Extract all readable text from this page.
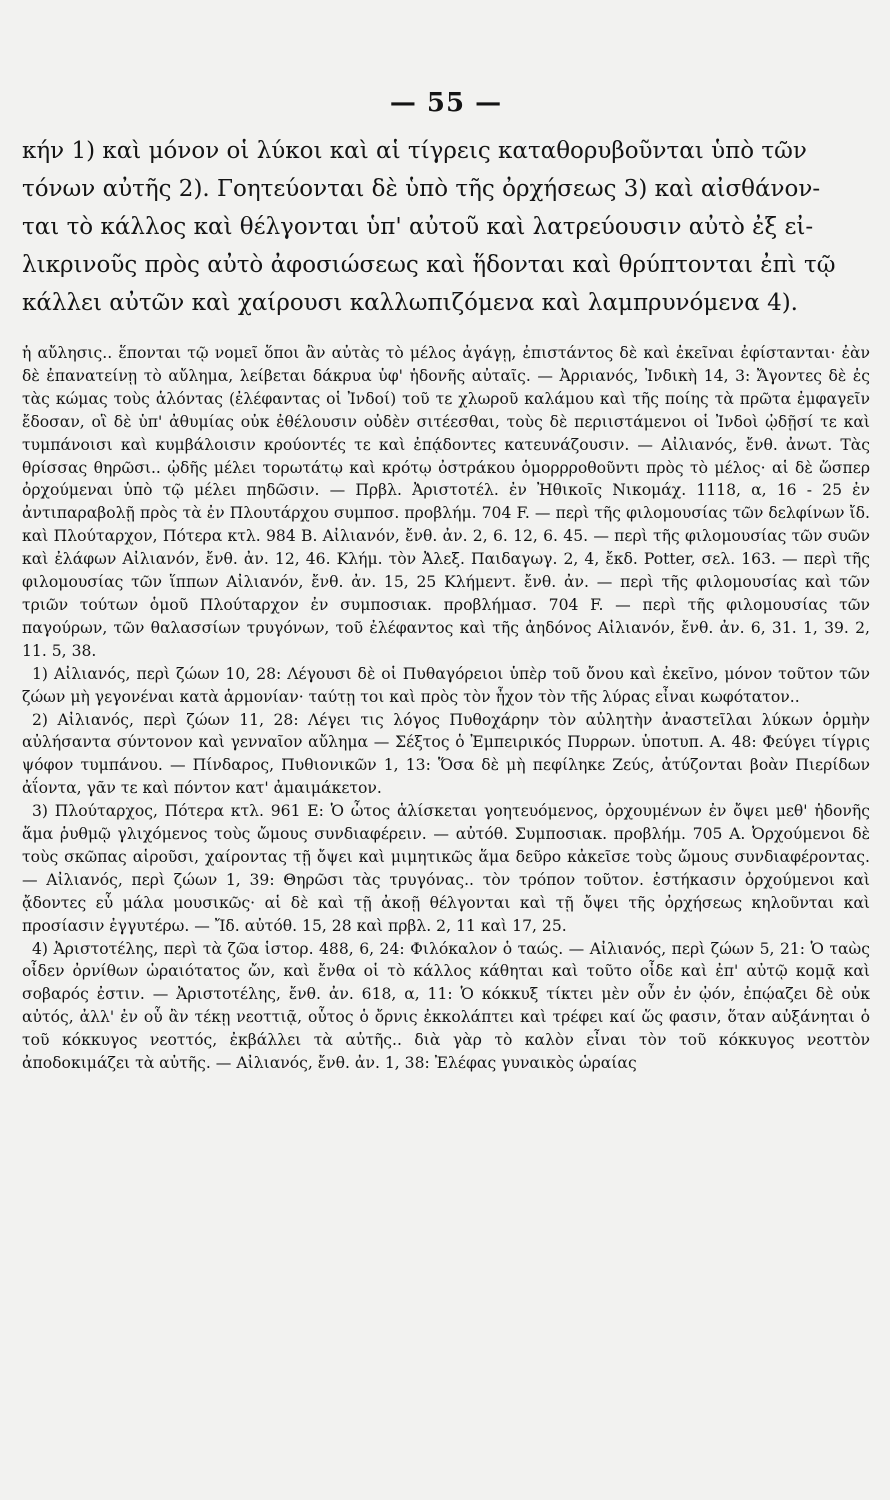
— 55 —

κήν 1) καὶ μόνον οἱ λύκοι καὶ αἱ τίγρεις καταθορυβοῦνται ὑπὸ τῶν

τόνων αὐτῆς 2). Γοητεύονται δὲ ὑπὸ τῆς ὀρχήσεως 3) καὶ αἰσθάνον-

ται τὸ κάλλος καὶ θέλγονται ὑπ' αὐτοῦ καὶ λατρεύουσιν αὐτὸ ἐξ εἰ-

λικρινοῦς πρὸς αὐτὸ ἀφοσιώσεως καὶ ἥδονται καὶ θρύπτονται ἐπὶ τῷ

κάλλει αὐτῶν καὶ χαίρουσι καλλωπιζόμενα καὶ λαμπρυνόμενα 4).

ἡ αὔλησις.. ἕπονται τῷ νομεῖ ὅποι ἂν αὐτὰς τὸ μέλος ἀγάγῃ, ἐπιστάντος δὲ καὶ ἐκεῖναι ἐφίστανται· ἐὰν δὲ ἐπανατείνῃ τὸ αὔλημα, λείβεται δάκρυα ὑφ' ἡδονῆς αὐταῖς. — Ἀρριανός, Ἰνδικὴ 14, 3: Ἄγοντες δὲ ἐς τὰς κώμας τοὺς ἁλόντας (ἐλέφαντας οἱ Ἰνδοί) τοῦ τε χλωροῦ καλάμου καὶ τῆς ποίης τὰ πρῶτα ἐμφαγεῖν ἔδοσαν, οἳ δὲ ὑπ' ἀθυμίας οὐκ ἐθέλουσιν οὐδὲν σιτέεσθαι, τοὺς δὲ περιιστάμενοι οἱ Ἰνδοὶ ᾠδῇσί τε καὶ τυμπάνοισι καὶ κυμβάλοισιν κρούοντές τε καὶ ἐπᾴδοντες κατευνάζουσιν. — Αἰλιανός, ἔνθ. ἀνωτ. Τὰς θρίσσας θηρῶσι.. ᾠδῆς μέλει τορωτάτῳ καὶ κρότῳ ὀστράκου ὁμορρροθοῦντι πρὸς τὸ μέλος· αἱ δὲ ὥσπερ ὀρχούμεναι ὑπὸ τῷ μέλει πηδῶσιν. — Πρβλ. Ἀριστοτέλ. ἐν Ἠθικοῖς Νικομάχ. 1118, α, 16 - 25 ἐν ἀντιπαραβολῇ πρὸς τὰ ἐν Πλουτάρχου συμποσ. προβλήμ. 704 F. — περὶ τῆς φιλομουσίας τῶν δελφίνων ἴδ. καὶ Πλούταρχον, Πότερα κτλ. 984 B. Αἰλιανόν, ἔνθ. ἀν. 2, 6. 12, 6. 45. — περὶ τῆς φιλομουσίας τῶν συῶν καὶ ἐλάφων Αἰλιανόν, ἔνθ. ἀν. 12, 46. Κλήμ. τὸν Ἀλεξ. Παιδαγωγ. 2, 4, ἔκδ. Potter, σελ. 163. — περὶ τῆς φιλομουσίας τῶν ἵππων Αἰλιανόν, ἔνθ. ἀν. 15, 25 Κλήμεντ. ἔνθ. ἀν. — περὶ τῆς φιλομουσίας καὶ τῶν τριῶν τούτων ὁμοῦ Πλούταρχον ἐν συμποσιακ. προβλήμασ. 704 F. — περὶ τῆς φιλομουσίας τῶν παγούρων, τῶν θαλασσίων τρυγόνων, τοῦ ἐλέφαντος καὶ τῆς ἀηδόνος Αἰλιανόν, ἔνθ. ἀν. 6, 31. 1, 39. 2, 11. 5, 38.

1) Αἰλιανός, περὶ ζώων 10, 28: Λέγουσι δὲ οἱ Πυθαγόρειοι ὑπὲρ τοῦ ὄνου καὶ ἐκεῖνο, μόνον τοῦτον τῶν ζώων μὴ γεγονέναι κατὰ ἁρμονίαν· ταύτῃ τοι καὶ πρὸς τὸν ἦχον τὸν τῆς λύρας εἶναι κωφότατον..

2) Αἰλιανός, περὶ ζώων 11, 28: Λέγει τις λόγος Πυθοχάρην τὸν αὐλητὴν ἀναστεῖλαι λύκων ὁρμὴν αὐλήσαντα σύντονον καὶ γενναῖον αὔλημα — Σέξτος ὁ Ἐμπειρικός Πυρρων. ὑποτυπ. Α. 48: Φεύγει τίγρις ψόφον τυμπάνου. — Πίνδαρος, Πυθιονικῶν 1, 13: Ὅσα δὲ μὴ πεφίληκε Ζεύς, ἀτύζονται βοὰν Πιερίδων ἀΐοντα, γᾶν τε καὶ πόντον κατ' ἀμαιμάκετον.

3) Πλούταρχος, Πότερα κτλ. 961 E: Ὁ ὦτος ἁλίσκεται γοητευόμενος, ὀρχουμένων ἐν ὄψει μεθ' ἡδονῆς ἅμα ῥυθμῷ γλιχόμενος τοὺς ὤμους συνδιαφέρειν. — αὐτόθ. Συμποσιακ. προβλήμ. 705 Α. Ὀρχούμενοι δὲ τοὺς σκῶπας αἱροῦσι, χαίροντας τῇ ὄψει καὶ μιμητικῶς ἅμα δεῦρο κἀκεῖσε τοὺς ὤμους συνδιαφέροντας. — Αἰλιανός, περὶ ζώων 1, 39: Θηρῶσι τὰς τρυγόνας.. τὸν τρόπον τοῦτον. ἑστήκασιν ὀρχούμενοι καὶ ᾄδοντες εὖ μάλα μουσικῶς· αἱ δὲ καὶ τῇ ἀκοῇ θέλγονται καὶ τῇ ὄψει τῆς ὀρχήσεως κηλοῦνται καὶ προσίασιν ἐγγυτέρω. — Ἴδ. αὐτόθ. 15, 28 καὶ πρβλ. 2, 11 καὶ 17, 25.

4) Ἀριστοτέλης, περὶ τὰ ζῶα ἱστορ. 488, 6, 24: Φιλόκαλον ὁ ταώς. — Αἰλιανός, περὶ ζώων 5, 21: Ὁ ταὼς οἶδεν ὀρνίθων ὡραιότατος ὤν, καὶ ἔνθα οἱ τὸ κάλλος κάθηται καὶ τοῦτο οἶδε καὶ ἐπ' αὐτῷ κομᾷ καὶ σοβαρός ἐστιν. — Ἀριστοτέλης, ἔνθ. ἀν. 618, α, 11: Ὁ κόκκυξ τίκτει μὲν οὖν ἐν ᾠόν, ἐπῴαζει δὲ οὐκ αὐτός, ἀλλ' ἐν οὗ ἂν τέκῃ νεοττιᾷ, οὗτος ὁ ὄρνις ἐκκολάπτει καὶ τρέφει καί ὥς φασιν, ὅταν αὐξάνηται ὁ τοῦ κόκκυγος νεοττός, ἐκβάλλει τὰ αὐτῆς.. διὰ γὰρ τὸ καλὸν εἶναι τὸν τοῦ κόκκυγος νεοττὸν ἀποδοκιμάζει τὰ αὐτῆς. — Αἰλιανός, ἔνθ. ἀν. 1, 38: Ἐλέφας γυναικὸς ὡραίας
